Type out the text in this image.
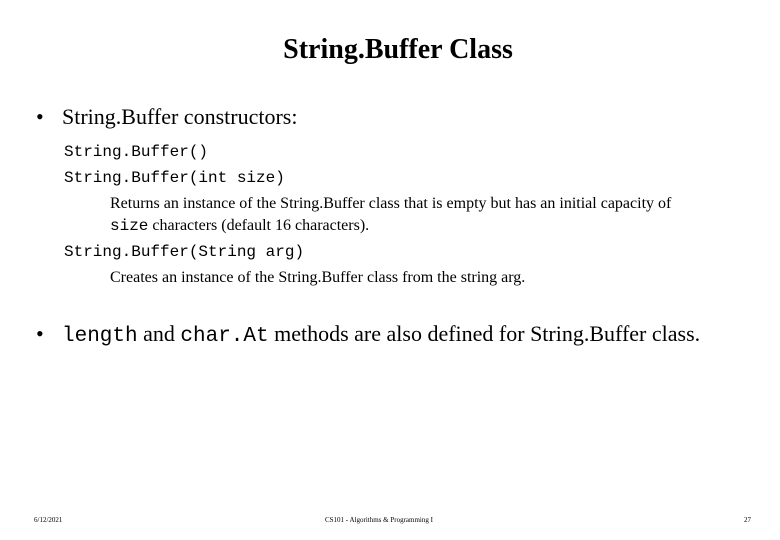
String.Buffer Class
• String.Buffer constructors:
String.Buffer()
String.Buffer(int size)
Returns an instance of the String.Buffer class that is empty but has an initial capacity of
size characters (default 16 characters).
String.Buffer(String arg)
Creates an instance of the String.Buffer class from the string arg.
• length and char.At methods are also defined for String.Buffer class.
6/12/2021	CS101 - Algorithms & Programming I	27
